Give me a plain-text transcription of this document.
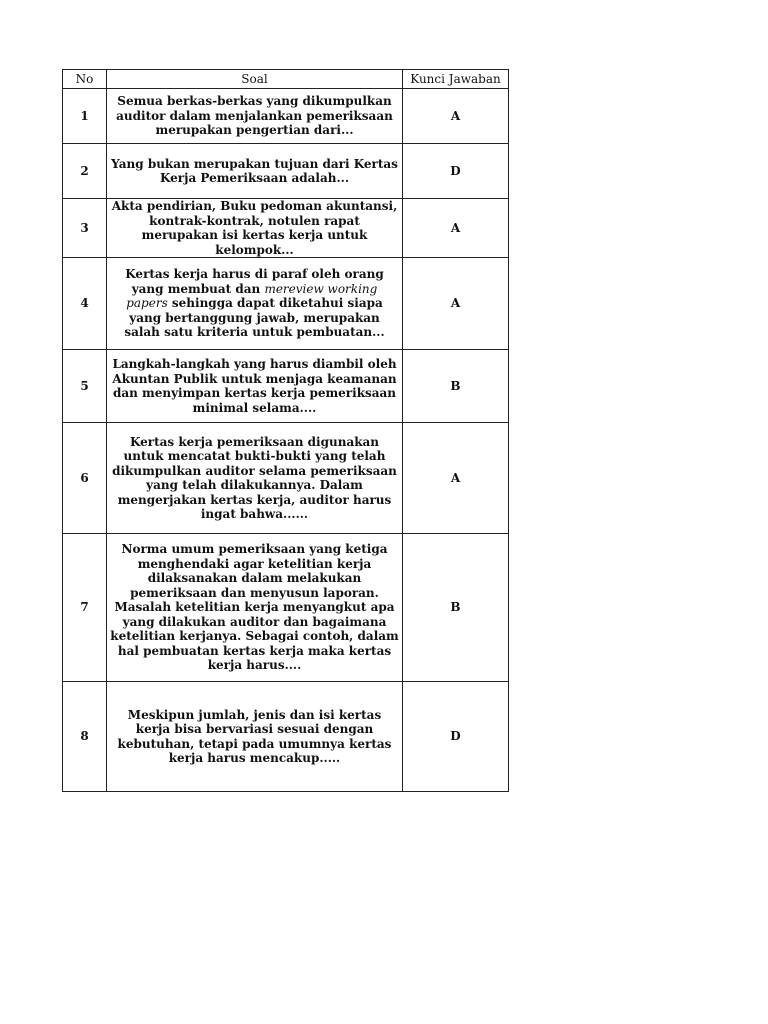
No	Soal	Kunci Jawaban
1	Semua berkas-berkas yang dikumpulkan auditor dalam menjalankan pemeriksaan merupakan pengertian dari...	A
2	Yang bukan merupakan tujuan dari Kertas Kerja Pemeriksaan adalah...	D
3	Akta pendirian, Buku pedoman akuntansi, kontrak-kontrak, notulen rapat merupakan isi kertas kerja untuk kelompok...	A
4	Kertas kerja harus di paraf oleh orang yang membuat dan mereview working papers sehingga dapat diketahui siapa yang bertanggung jawab, merupakan salah satu kriteria untuk pembuatan...	A
5	Langkah-langkah yang harus diambil oleh Akuntan Publik untuk menjaga keamanan dan menyimpan kertas kerja pemeriksaan minimal selama....	B
6	Kertas kerja pemeriksaan digunakan untuk mencatat bukti-bukti yang telah dikumpulkan auditor selama pemeriksaan yang telah dilakukannya. Dalam mengerjakan kertas kerja, auditor harus ingat bahwa......	A
7	Norma umum pemeriksaan yang ketiga menghendaki agar ketelitian kerja dilaksanakan dalam melakukan pemeriksaan dan menyusun laporan. Masalah ketelitian kerja menyangkut apa yang dilakukan auditor dan bagaimana ketelitian kerjanya. Sebagai contoh, dalam hal pembuatan kertas kerja maka kertas kerja harus....	B
8	Meskipun jumlah, jenis dan isi kertas kerja bisa bervariasi sesuai dengan kebutuhan, tetapi pada umumnya kertas kerja harus mencakup.....	D
